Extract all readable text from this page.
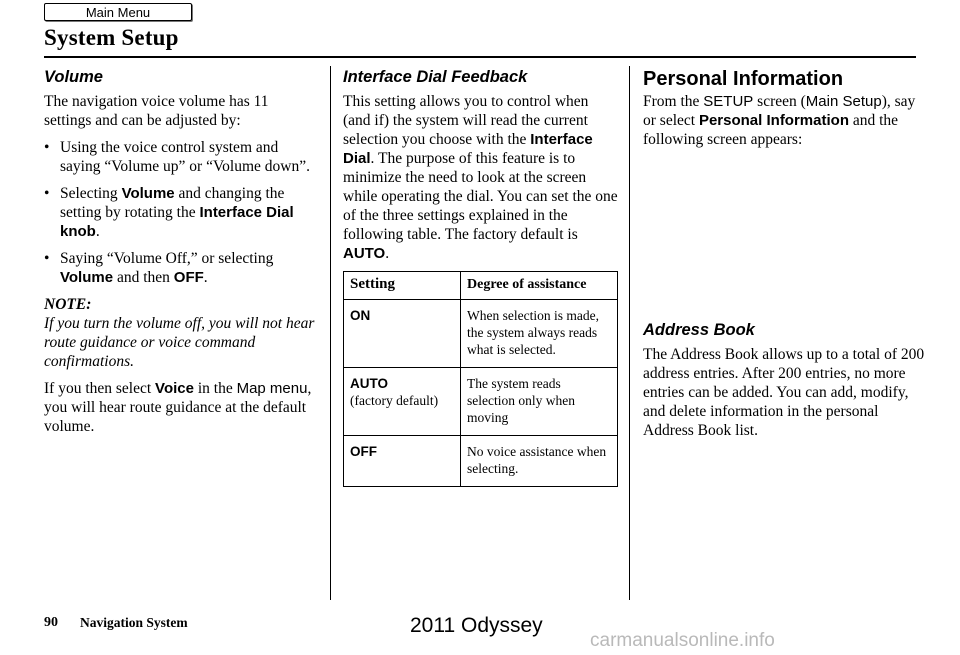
Main Menu
System Setup
Volume

The navigation voice volume has 11 settings and can be adjusted by:

• Using the voice control system and saying “Volume up” or “Volume down”.
• Selecting Volume and changing the setting by rotating the Interface Dial knob.
• Saying “Volume Off,” or selecting Volume and then OFF.
NOTE:

If you turn the volume off, you will not hear route guidance or voice command confirmations.

If you then select Voice in the Map menu, you will hear route guidance at the default volume.

Interface Dial Feedback

This setting allows you to control when (and if) the system will read the current selection you choose with the Interface Dial. The purpose of this feature is to minimize the need to look at the screen while operating the dial. You can set the one of the three settings explained in the following table. The factory default is AUTO.

Setting	Degree of assistance
ON	When selection is made, the system always reads what is selected.
AUTO
(factory default)	The system reads selection only when moving
OFF	No voice assistance when selecting.
Personal Information

From the SETUP screen (Main Setup), say or select Personal Information and the following screen appears:

Address Book

The Address Book allows up to a total of 200 address entries. After 200 entries, no more entries can be added. You can add, modify, and delete information in the personal Address Book list.

90 Navigation System	2011 Odyssey
carmanualsonline.info
